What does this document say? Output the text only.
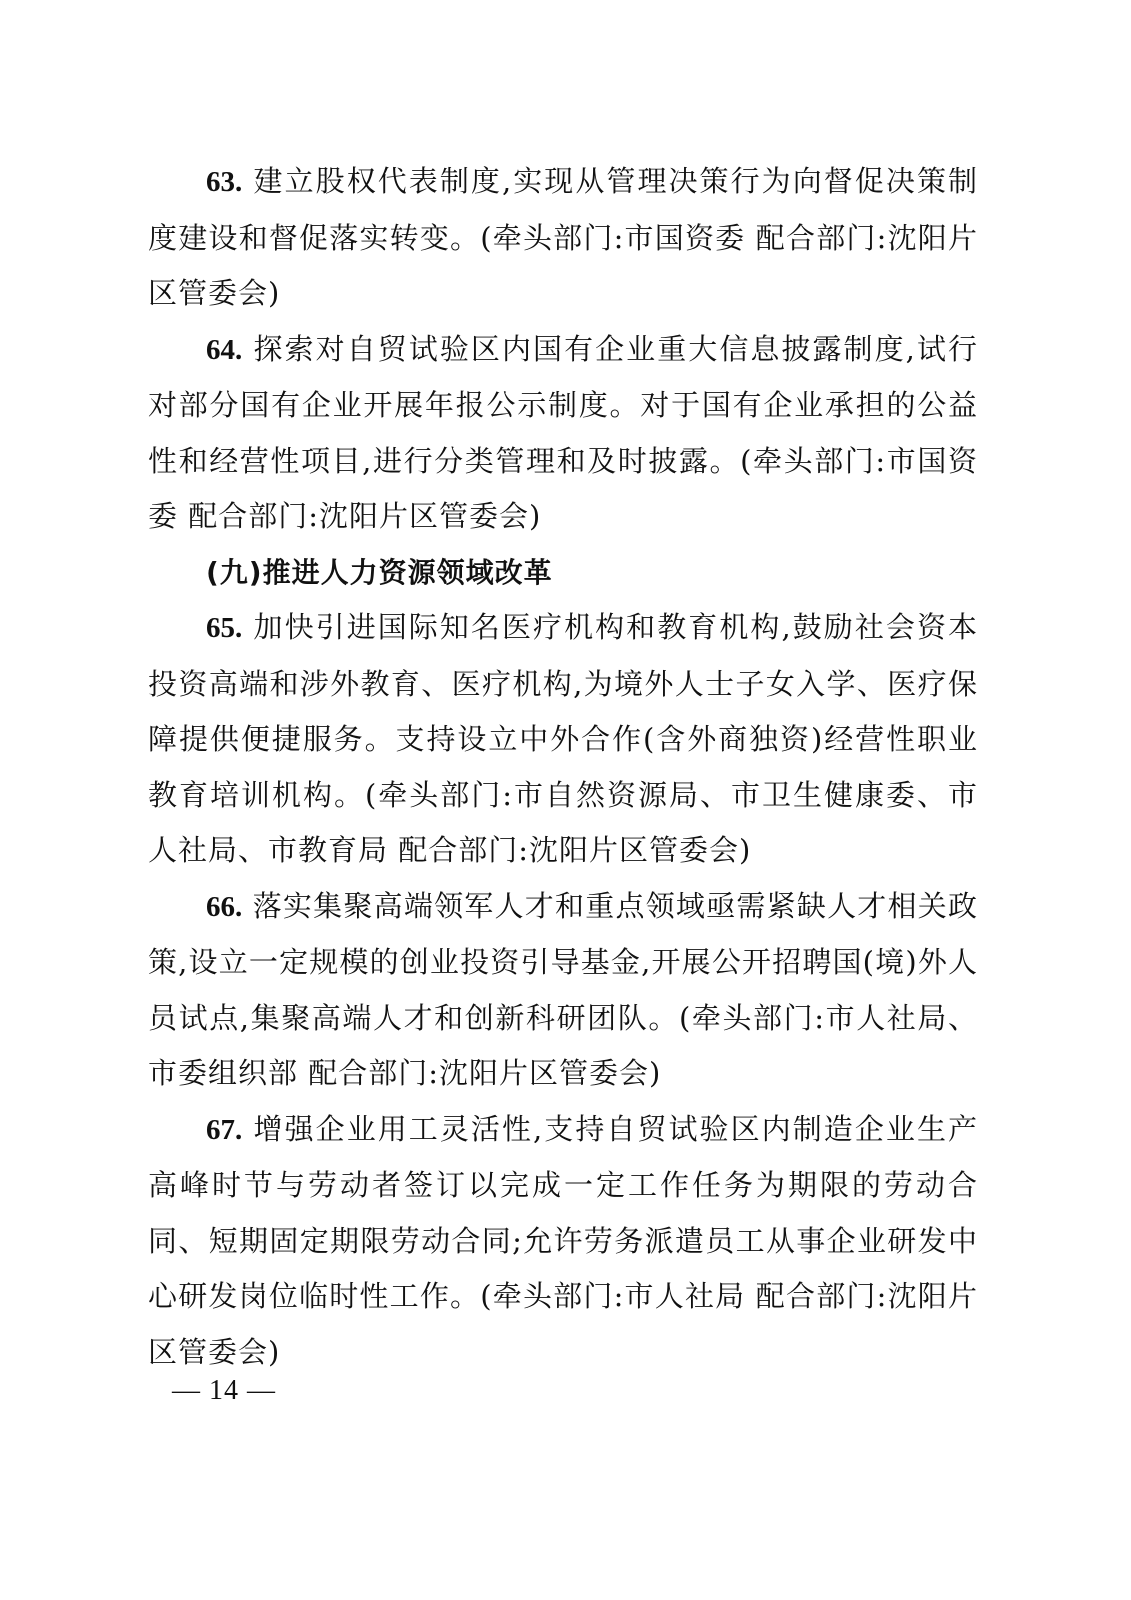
63. 建立股权代表制度,实现从管理决策行为向督促决策制度建设和督促落实转变。(牵头部门:市国资委 配合部门:沈阳片区管委会)

64. 探索对自贸试验区内国有企业重大信息披露制度,试行对部分国有企业开展年报公示制度。对于国有企业承担的公益性和经营性项目,进行分类管理和及时披露。(牵头部门:市国资委 配合部门:沈阳片区管委会)

(九)推进人力资源领域改革

65. 加快引进国际知名医疗机构和教育机构,鼓励社会资本投资高端和涉外教育、医疗机构,为境外人士子女入学、医疗保障提供便捷服务。支持设立中外合作(含外商独资)经营性职业教育培训机构。(牵头部门:市自然资源局、市卫生健康委、市人社局、市教育局 配合部门:沈阳片区管委会)

66. 落实集聚高端领军人才和重点领域亟需紧缺人才相关政策,设立一定规模的创业投资引导基金,开展公开招聘国(境)外人员试点,集聚高端人才和创新科研团队。(牵头部门:市人社局、市委组织部 配合部门:沈阳片区管委会)

67. 增强企业用工灵活性,支持自贸试验区内制造企业生产高峰时节与劳动者签订以完成一定工作任务为期限的劳动合同、短期固定期限劳动合同;允许劳务派遣员工从事企业研发中心研发岗位临时性工作。(牵头部门:市人社局 配合部门:沈阳片区管委会)

— 14 —
